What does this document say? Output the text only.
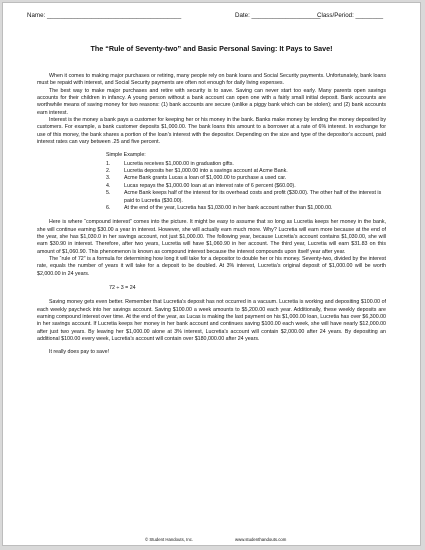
Name: _______________________________________	Date: ____________________
Class/Period: ________
The “Rule of Seventy-two” and Basic Personal Saving: It Pays to Save!

When it comes to making major purchases or retiring, many people rely on bank loans and Social Security payments. Unfortunately, bank loans must be repaid with interest, and Social Security payments are often not enough for daily living expenses.

The best way to make major purchases and retire with security is to save. Saving can never start too early. Many parents open savings accounts for their children in infancy. A young person without a bank account can open one with a fairly small initial deposit. Bank accounts are worthwhile means of saving money for two reasons: (1) bank accounts are secure (unlike a piggy bank which can be stolen); and (2) bank accounts earn interest.

Interest is the money a bank pays a customer for keeping her or his money in the bank. Banks make money by lending the money deposited by customers. For example, a bank customer deposits $1,000.00. The bank loans this amount to a borrower at a rate of 6% interest. In exchange for use of this money, the bank shares a portion of the loan’s interest with the depositor. Depending on the size and type of the depositor’s account, paid interest rates can vary between .25 and five percent.

Simple Example:
1.	Lucretia receives $1,000.00 in graduation gifts.
2.	Lucretia deposits her $1,000.00 into a savings account at Acme Bank.
3.	Acme Bank grants Lucas a loan of $1,000.00 to purchase a used car.
4.	Lucas repays the $1,000.00 loan at an interest rate of 6 percent ($60.00).
5.	Acme Bank keeps half of the interest for its overhead costs and profit ($30.00). The other half of the interest is paid to Lucretia ($30.00).
6.	At the end of the year, Lucretia has $1,030.00 in her bank account rather than $1,000.00.

Here is where “compound interest” comes into the picture. It might be easy to assume that so long as Lucretia keeps her money in the bank, she will continue earning $30.00 a year in interest. However, she will actually earn much more. Why? Lucretia will earn more because at the end of the year, she has $1,030.0 in her savings account, not just $1,000.00. The following year, because Lucretia’s account contains $1,030.00, she will earn $30.90 in interest. Therefore, after two years, Lucretia will have $1,060.90 in her account. The third year, Lucretia will earn $31.83 on this amount of $1,060.90. This phenomenon is known as compound interest because the interest compounds upon itself year after year.

The “rule of 72” is a formula for determining how long it will take for a depositor to double her or his money. Seventy-two, divided by the interest rate, equals the number of years it will take for a deposit to be doubled. At 3% interest, Lucretia’s original deposit of $1,000.00 will be worth $2,000.00 in 24 years.

72 ÷ 3 = 24

Saving money gets even better. Remember that Lucretia’s deposit has not occurred in a vacuum. Lucretia is working and depositing $100.00 of each weekly paycheck into her savings account. Saving $100.00 a week amounts to $5,200.00 each year. Additionally, these weekly deposits are earning compound interest over time. At the end of the year, as Lucas is making the last payment on his $1,000.00 loan, Lucretia has over $6,300.00 in her savings account. If Lucretia keeps her money in her bank account and continues saving $100.00 each week, she will have nearly $12,000.00 after just two years. By leaving her $1,000.00 alone at 3% interest, Lucretia’s account will contain $2,000.00 after 24 years. By depositing an additional $100.00 every week, Lucretia’s account will contain over $180,000.00 after 24 years.

It really does pay to save!
© Student Handouts, Inc.	www.studenthandouts.com
